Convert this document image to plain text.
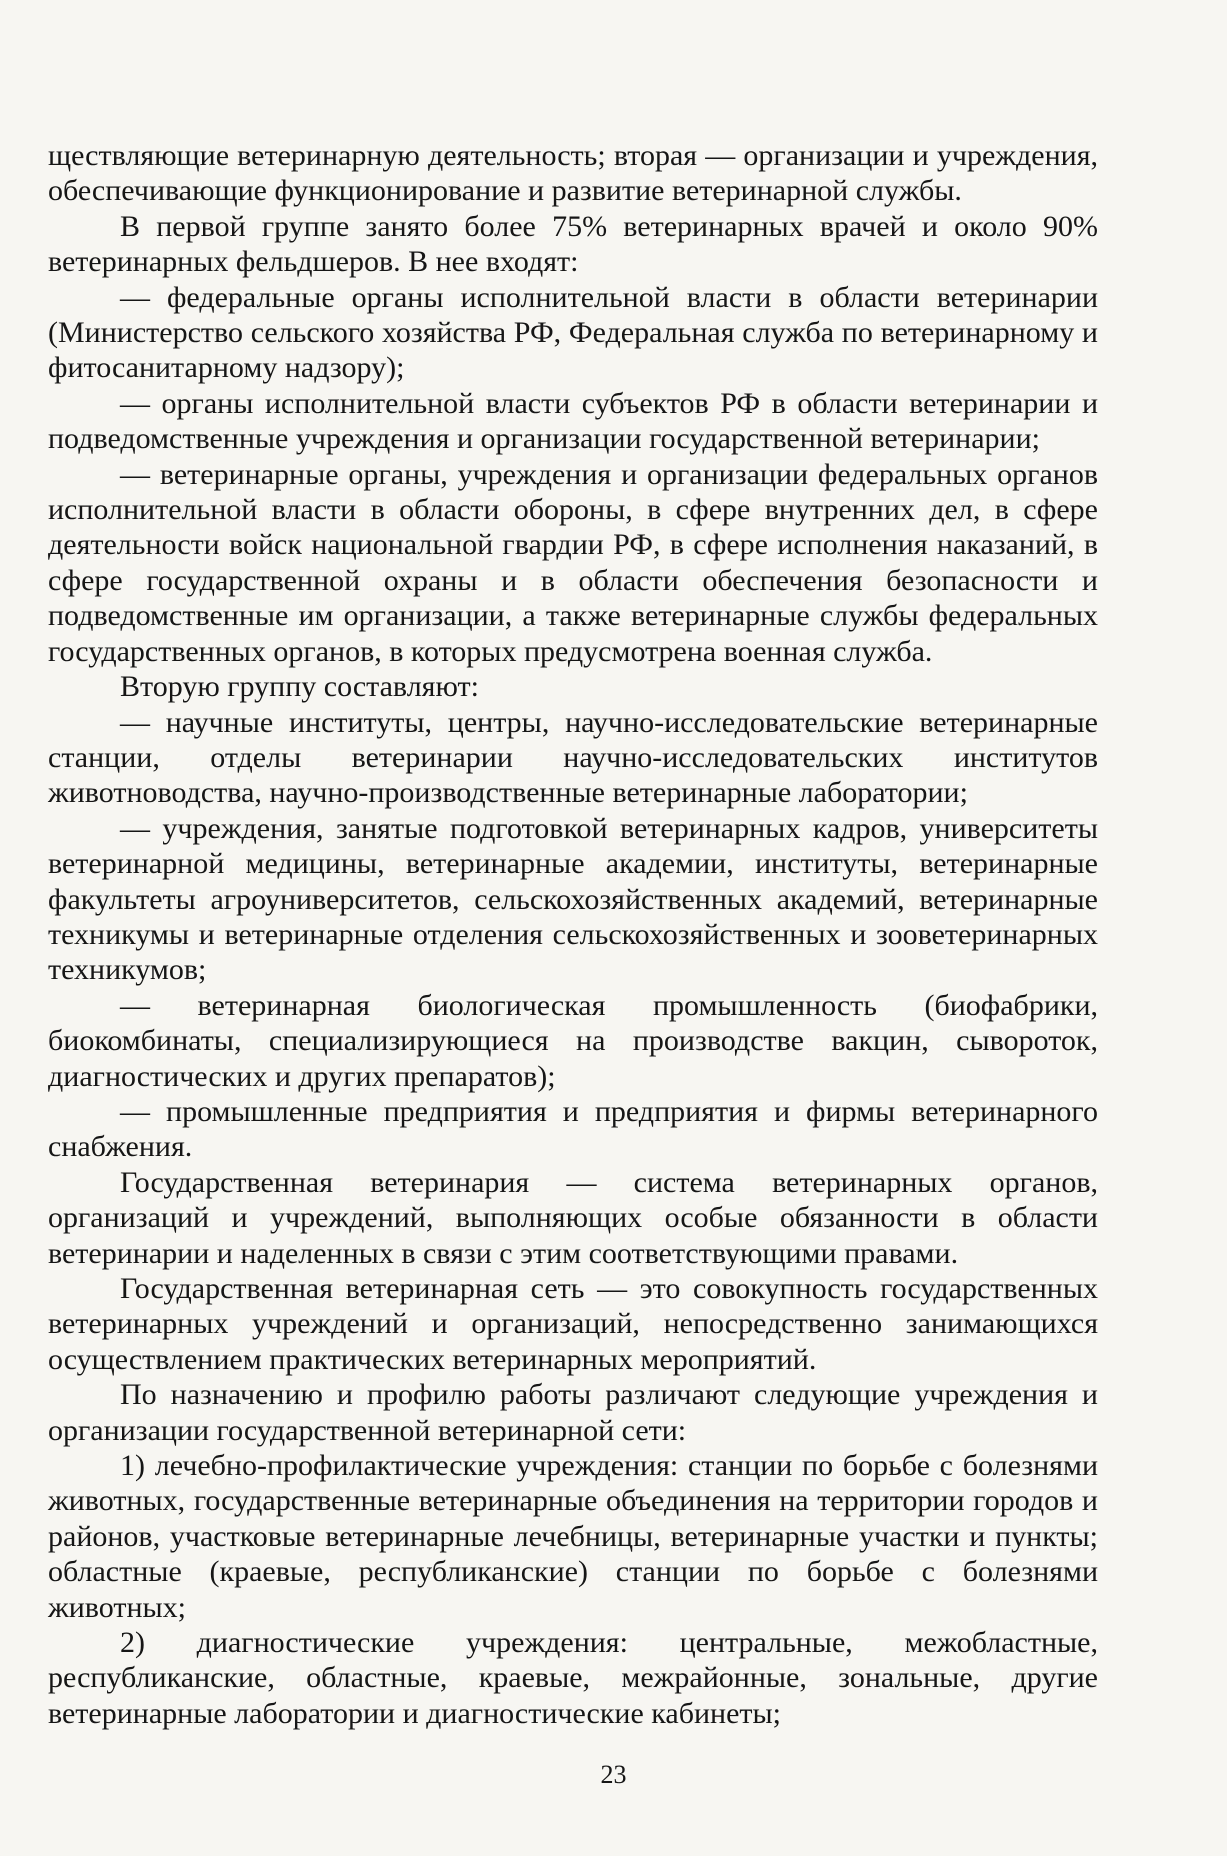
ществляющие ветеринарную деятельность; вторая — организации и учреждения, обеспечивающие функционирование и развитие ветеринарной службы.

В первой группе занято более 75% ветеринарных врачей и около 90% ветеринарных фельдшеров. В нее входят:

— федеральные органы исполнительной власти в области ветеринарии (Министерство сельского хозяйства РФ, Федеральная служба по ветеринарному и фитосанитарному надзору);

— органы исполнительной власти субъектов РФ в области ветеринарии и подведомственные учреждения и организации государственной ветеринарии;

— ветеринарные органы, учреждения и организации федеральных органов исполнительной власти в области обороны, в сфере внутренних дел, в сфере деятельности войск национальной гвардии РФ, в сфере исполнения наказаний, в сфере государственной охраны и в области обеспечения безопасности и подведомственные им организации, а также ветеринарные службы федеральных государственных органов, в которых предусмотрена военная служба.

Вторую группу составляют:

— научные институты, центры, научно-исследовательские ветеринарные станции, отделы ветеринарии научно-исследовательских институтов животноводства, научно-производственные ветеринарные лаборатории;

— учреждения, занятые подготовкой ветеринарных кадров, университеты ветеринарной медицины, ветеринарные академии, институты, ветеринарные факультеты агроуниверситетов, сельскохозяйственных академий, ветеринарные техникумы и ветеринарные отделения сельскохозяйственных и зооветеринарных техникумов;

— ветеринарная биологическая промышленность (биофабрики, биокомбинаты, специализирующиеся на производстве вакцин, сывороток, диагностических и других препаратов);

— промышленные предприятия и предприятия и фирмы ветеринарного снабжения.

Государственная ветеринария — система ветеринарных органов, организаций и учреждений, выполняющих особые обязанности в области ветеринарии и наделенных в связи с этим соответствующими правами.

Государственная ветеринарная сеть — это совокупность государственных ветеринарных учреждений и организаций, непосредственно занимающихся осуществлением практических ветеринарных мероприятий.

По назначению и профилю работы различают следующие учреждения и организации государственной ветеринарной сети:

1) лечебно-профилактические учреждения: станции по борьбе с болезнями животных, государственные ветеринарные объединения на территории городов и районов, участковые ветеринарные лечебницы, ветеринарные участки и пункты; областные (краевые, республиканские) станции по борьбе с болезнями животных;

2) диагностические учреждения: центральные, межобластные, республиканские, областные, краевые, межрайонные, зональные, другие ветеринарные лаборатории и диагностические кабинеты;

23
